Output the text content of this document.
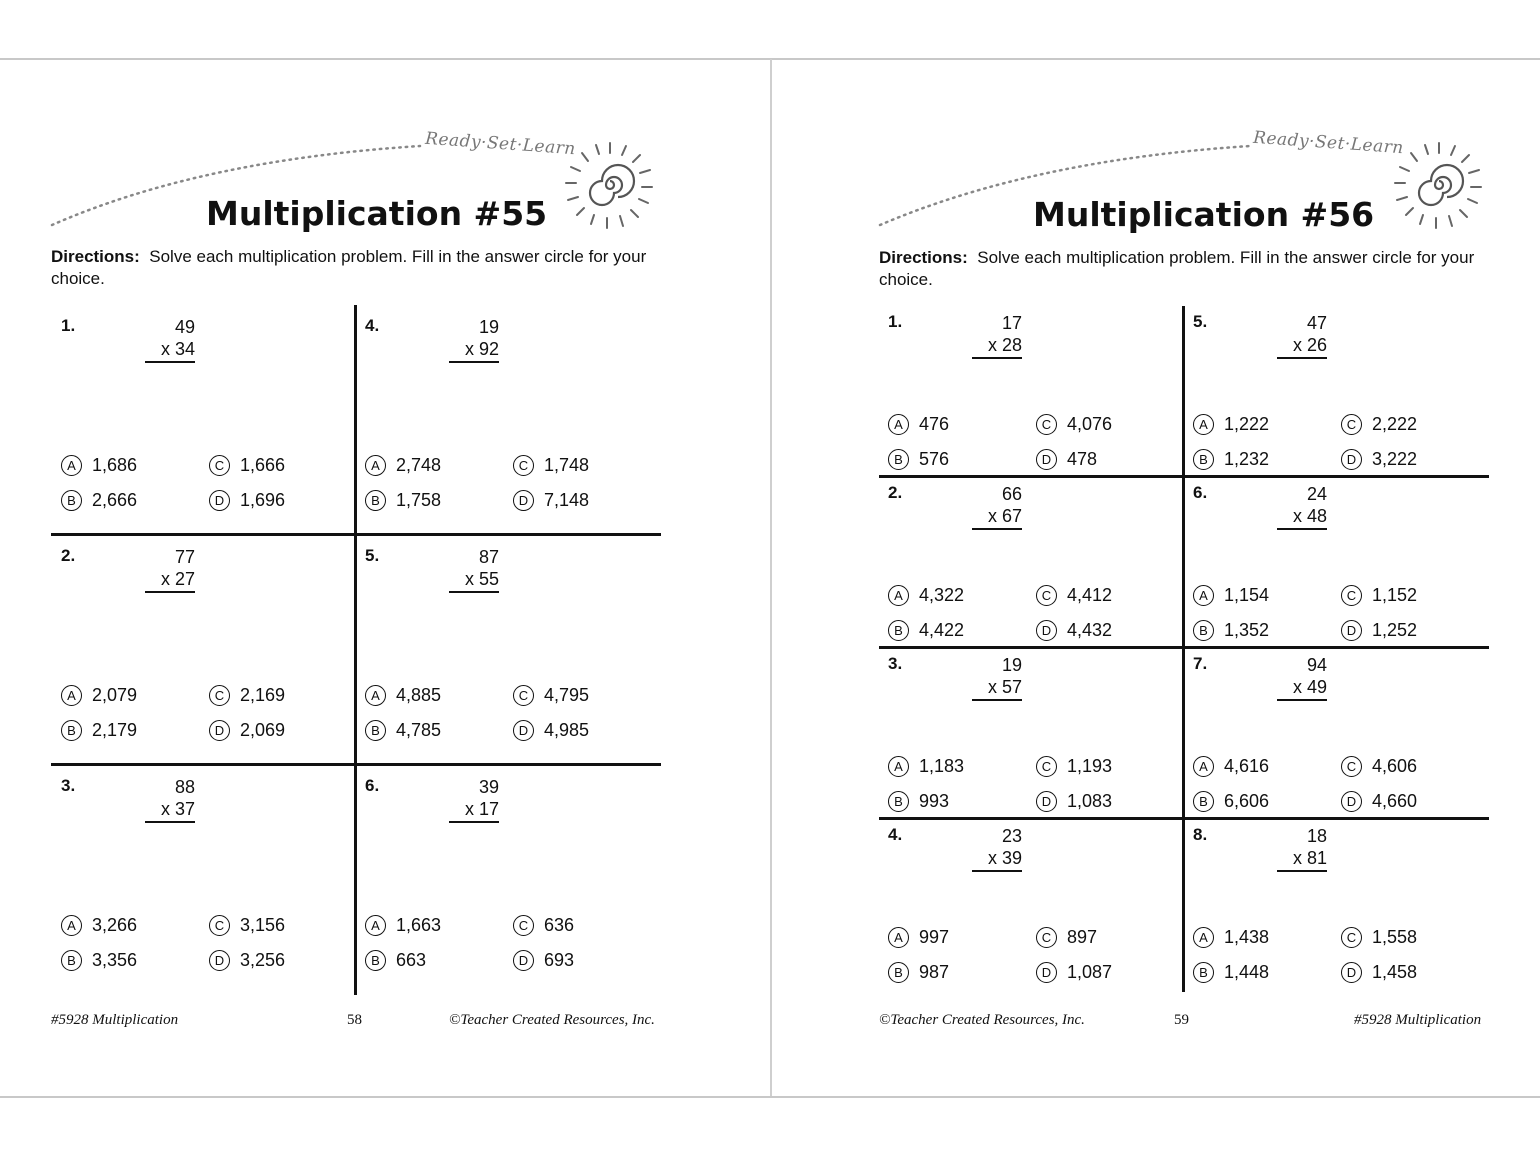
Ready·Set·Learn
Multiplication #55
Directions: Solve each multiplication problem. Fill in the answer circle for your choice.
1.	49
x 34
A 1,686
B 2,666
C 1,666
D 1,696
2.	77
x 27
A 2,079
B 2,179
C 2,169
D 2,069
3.	88
x 37
A 3,266
B 3,356
C 3,156
D 3,256
4.	19
x 92
A 2,748
B 1,758
C 1,748
D 7,148
5.	87
x 55
A 4,885
B 4,785
C 4,795
D 4,985
6.	39
x 17
A 1,663
B 663
C 636
D 693
#5928 Multiplication	58	©Teacher Created Resources, Inc.
Ready·Set·Learn
Multiplication #56
Directions: Solve each multiplication problem. Fill in the answer circle for your choice.
1.	17
x 28
A 476
B 576
C 4,076
D 478
2.	66
x 67
A 4,322
B 4,422
C 4,412
D 4,432
3.	19
x 57
A 1,183
B 993
C 1,193
D 1,083
4.	23
x 39
A 997
B 987
C 897
D 1,087
5.	47
x 26
A 1,222
B 1,232
C 2,222
D 3,222
6.	24
x 48
A 1,154
B 1,352
C 1,152
D 1,252
7.	94
x 49
A 4,616
B 6,606
C 4,606
D 4,660
8.	18
x 81
A 1,438
B 1,448
C 1,558
D 1,458
©Teacher Created Resources, Inc.	59	#5928 Multiplication
